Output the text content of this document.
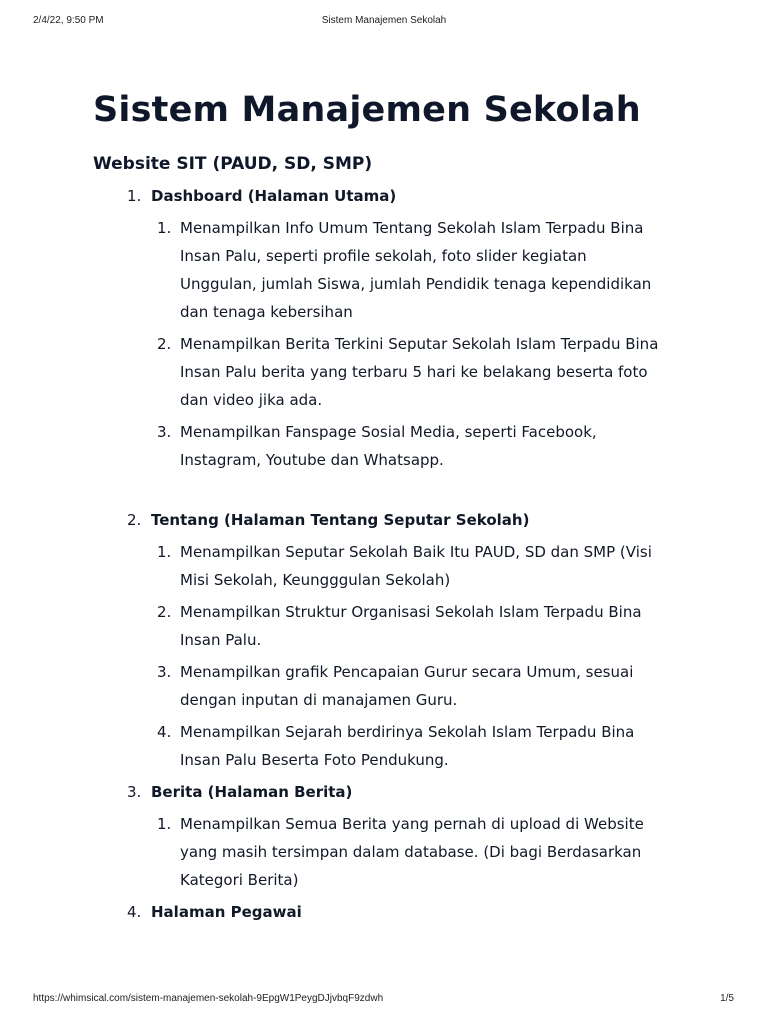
2/4/22, 9:50 PM	Sistem Manajemen Sekolah
Sistem Manajemen Sekolah
Website SIT (PAUD, SD, SMP)
1. Dashboard (Halaman Utama)
1. Menampilkan Info Umum Tentang Sekolah Islam Terpadu Bina Insan Palu, seperti profile sekolah, foto slider kegiatan Unggulan, jumlah Siswa, jumlah Pendidik tenaga kependidikan dan tenaga kebersihan
2. Menampilkan Berita Terkini Seputar Sekolah Islam Terpadu Bina Insan Palu berita yang terbaru 5 hari ke belakang beserta foto dan video jika ada.
3. Menampilkan Fanspage Sosial Media, seperti Facebook, Instagram, Youtube dan Whatsapp.
2. Tentang (Halaman Tentang Seputar Sekolah)
1. Menampilkan Seputar Sekolah Baik Itu PAUD, SD dan SMP (Visi Misi Sekolah, Keungggulan Sekolah)
2. Menampilkan Struktur Organisasi Sekolah Islam Terpadu Bina Insan Palu.
3. Menampilkan grafik Pencapaian Gurur secara Umum, sesuai dengan inputan di manajamen Guru.
4. Menampilkan Sejarah berdirinya Sekolah Islam Terpadu Bina Insan Palu Beserta Foto Pendukung.
3. Berita (Halaman Berita)
1. Menampilkan Semua Berita yang pernah di upload di Website yang masih tersimpan dalam database. (Di bagi Berdasarkan Kategori Berita)
4. Halaman Pegawai
https://whimsical.com/sistem-manajemen-sekolah-9EpgW1PeygDJjvbqF9zdwh	1/5
